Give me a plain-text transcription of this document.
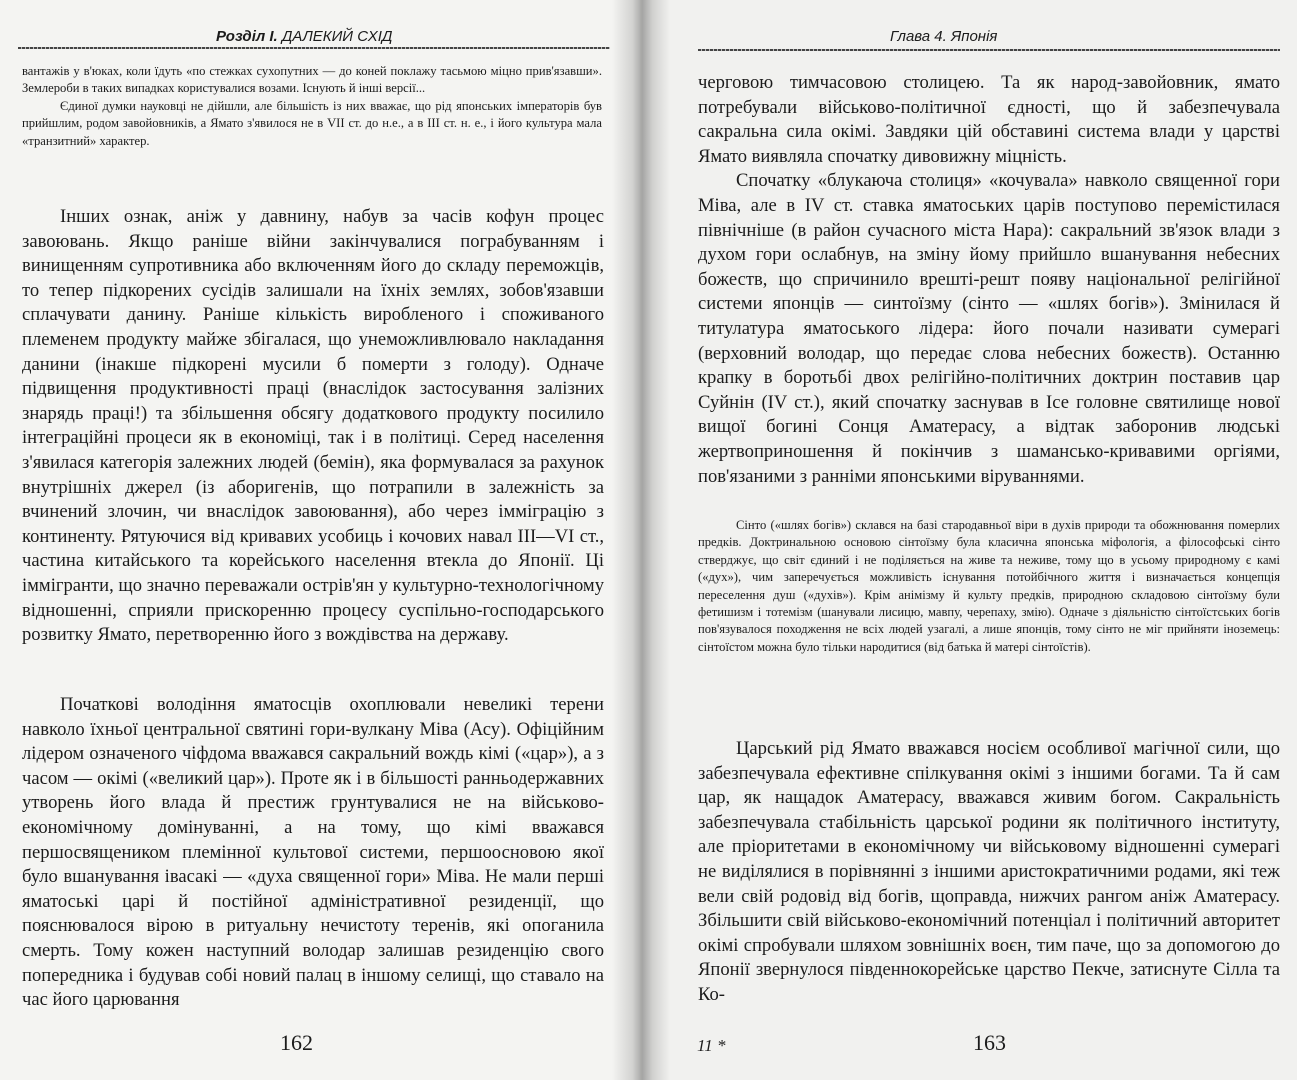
Розділ I. ДАЛЕКИЙ СХІД

вантажів у в'юках, коли їдуть «по стежках сухопутних — до коней поклажу тасьмою міцно прив'язавши». Землероби в таких випадках користувалися возами. Існують й інші версії...

Єдиної думки науковці не дійшли, але більшість із них вважає, що рід японських імператорів був прийшлим, родом завойовників, а Ямато з'явилося не в VII ст. до н.е., а в III ст. н. е., і його культура мала «транзитний» характер.

Інших ознак, аніж у давнину, набув за часів кофун процес завоювань. Якщо раніше війни закінчувалися пограбуванням і винищенням супротивника або включенням його до складу переможців, то тепер підкорених сусідів залишали на їхніх землях, зобов'язавши сплачувати данину. Раніше кількість виробленого і споживаного племенем продукту майже збігалася, що унеможливлювало накладання данини (інакше підкорені мусили б померти з голоду). Одначе підвищення продуктивності праці (внаслідок застосування залізних знарядь праці!) та збільшення обсягу додаткового продукту посилило інтеграційні процеси як в економіці, так і в політиці. Серед населення з'явилася категорія залежних людей (бемін), яка формувалася за рахунок внутрішніх джерел (із аборигенів, що потрапили в залежність за вчинений злочин, чи внаслідок завоювання), або через імміграцію з континенту. Рятуючися від кривавих усобиць і кочових навал III—VI ст., частина китайського та корейського населення втекла до Японії. Ці іммігранти, що значно переважали острів'ян у культурно-технологічному відношенні, сприяли прискоренню процесу суспільно-господарського розвитку Ямато, перетворенню його з вождівства на державу.

Початкові володіння яматосців охоплювали невеликі терени навколо їхньої центральної святині гори-вулкану Міва (Асу). Офіційним лідером означеного чіфдома вважався сакральний вождь кімі («цар»), а з часом — окімі («великий цар»). Проте як і в більшості ранньодержавних утворень його влада й престиж грунтувалися не на військово-економічному домінуванні, а на тому, що кімі вважався першосвящеником племінної культової системи, першоосновою якої було вшанування івасакі — «духа священної гори» Міва. Не мали перші яматоські царі й постійної адміністративної резиденції, що пояснювалося вірою в ритуальну нечистоту теренів, які опоганила смерть. Тому кожен наступний володар залишав резиденцію свого попередника і будував собі новий палац в іншому селищі, що ставало на час його царювання

162
Глава 4. Японія

черговою тимчасовою столицею. Та як народ-завойовник, ямато потребували військово-політичної єдності, що й забезпечувала сакральна сила окімі. Завдяки цій обставині система влади у царстві Ямато виявляла спочатку дивовижну міцність.

Спочатку «блукаюча столиця» «кочувала» навколо священної гори Міва, але в IV ст. ставка яматоських царів поступово перемістилася північніше (в район сучасного міста Нара): сакральний зв'язок влади з духом гори ослабнув, на зміну йому прийшло вшанування небесних божеств, що спричинило врешті-решт появу національної релігійної системи японців — синтоїзму (сінто — «шлях богів»). Змінилася й титулатура яматоського лідера: його почали називати сумерагі (верховний володар, що передає слова небесних божеств). Останню крапку в боротьбі двох релігійно-політичних доктрин поставив цар Суйнін (IV ст.), який спочатку заснував в Ісе головне святилище нової вищої богині Сонця Аматерасу, а відтак заборонив людські жертвоприношення й покінчив з шамансько-кривавими оргіями, пов'язаними з ранніми японськими віруваннями.

Сінто («шлях богів») склався на базі стародавньої віри в духів природи та обожнювання померлих предків. Доктринальною основою сінтоїзму була класична японська міфологія, а філософські сінто стверджує, що світ єдиний і не поділяється на живе та неживе, тому що в усьому природному є камі («дух»), чим заперечується можливість існування потойбічного життя і визначається концепція переселення душ («духів»). Крім анімізму й культу предків, природною складовою сінтоїзму були фетишизм і тотемізм (шанували лисицю, мавпу, черепаху, змію). Одначе з діяльністю сінтоїстських богів пов'язувалося походження не всіх людей узагалі, а лише японців, тому сінто не міг прийняти іноземець: сінтоїстом можна було тільки народитися (від батька й матері сінтоїстів).

Царський рід Ямато вважався носієм особливої магічної сили, що забезпечувала ефективне спілкування окімі з іншими богами. Та й сам цар, як нащадок Аматерасу, вважався живим богом. Сакральність забезпечувала стабільність царської родини як політичного інституту, але пріоритетами в економічному чи військовому відношенні сумерагі не виділялися в порівнянні з іншими аристократичними родами, які теж вели свій родовід від богів, щоправда, нижчих рангом аніж Аматерасу. Збільшити свій військово-економічний потенціал і політичний авторитет окімі спробували шляхом зовнішніх воєн, тим паче, що за допомогою до Японії звернулося південнокорейське царство Пекче, затиснуте Сілла та Ко-

11 *	163
